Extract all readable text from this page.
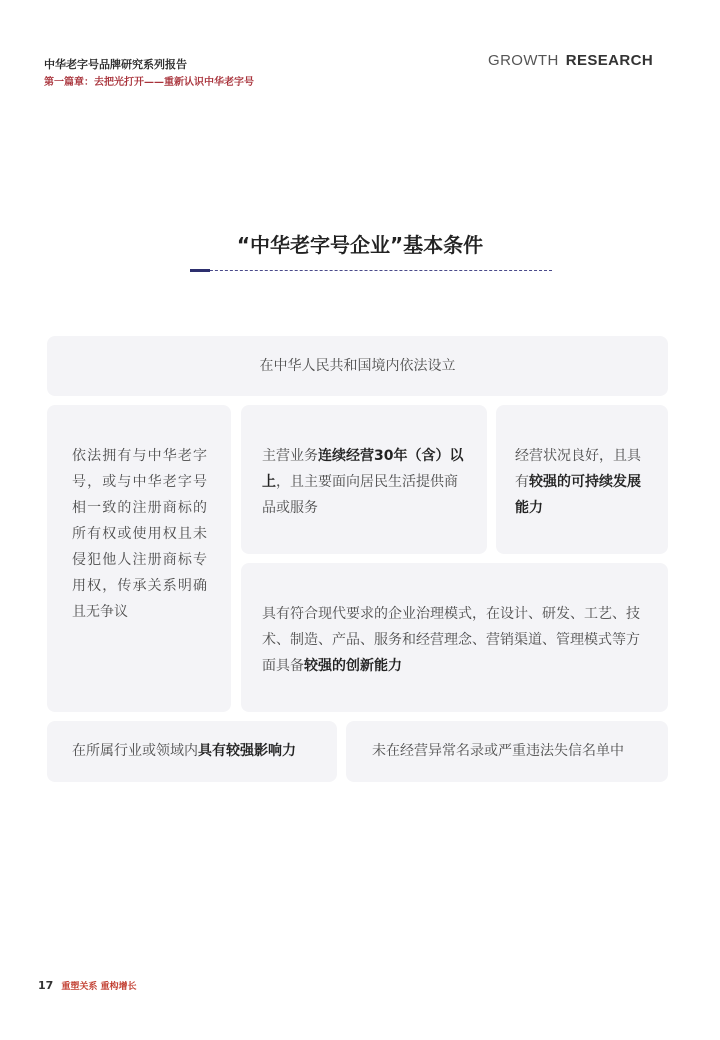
中华老字号品牌研究系列报告
第一篇章：去把光打开——重新认识中华老字号
GROWTH RESEARCH
“中华老字号企业”基本条件
在中华人民共和国境内依法设立
依法拥有与中华老字号，或与中华老字号相一致的注册商标的所有权或使用权且未侵犯他人注册商标专用权，传承关系明确且无争议
主营业务连续经营30年（含）以上，且主要面向居民生活提供商品或服务
经营状况良好，且具有较强的可持续发展能力
具有符合现代要求的企业治理模式，在设计、研发、工艺、技术、制造、产品、服务和经营理念、营销渠道、管理模式等方面具备较强的创新能力
在所属行业或领域内具有较强影响力	未在经营异常名录或严重违法失信名单中
17 重塑关系 重构增长
